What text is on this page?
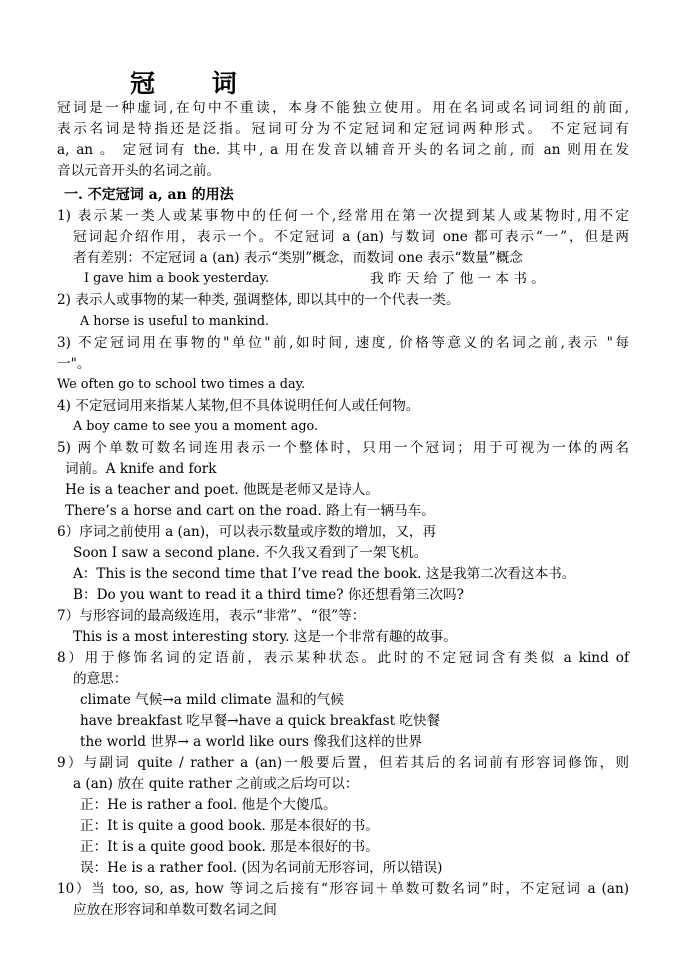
冠 词
冠词是一种虚词,在句中不重读，本身不能独立使用。用在名词或名词词组的前面,
表示名词是特指还是泛指。冠词可分为不定冠词和定冠词两种形式。 不定冠词有
a, an 。 定冠词有 the. 其中, a 用在发音以辅音开头的名词之前, 而 an 则用在发
音以元音开头的名词之前。
一. 不定冠词 a, an 的用法
1) 表示某一类人或某事物中的任何一个,经常用在第一次提到某人或某物时,用不定
冠词起介绍作用，表示一个。不定冠词 a (an) 与数词 one 都可表示“一”，但是两
者有差别：不定冠词 a (an) 表示“类别”概念，而数词 one 表示“数量”概念
I gave him a book yesterday.	我 昨 天 给 了 他 一 本 书 。
2) 表示人或事物的某一种类, 强调整体, 即以其中的一个代表一类。
A horse is useful to mankind.
3) 不定冠词用在事物的"单位"前,如时间, 速度, 价格等意义的名词之前,表示 "每
一"。
We often go to school two times a day.
4) 不定冠词用来指某人某物,但不具体说明任何人或任何物。
A boy came to see you a moment ago.
5) 两个单数可数名词连用表示一个整体时，只用一个冠词；用于可视为一体的两名
词前。A knife and fork
He is a teacher and poet. 他既是老师又是诗人。
There’s a horse and cart on the road. 路上有一辆马车。
6）序词之前使用 a (an)，可以表示数量或序数的增加，又，再
Soon I saw a second plane. 不久我又看到了一架飞机。
A：This is the second time that I’ve read the book. 这是我第二次看这本书。
B：Do you want to read it a third time? 你还想看第三次吗?
7）与形容词的最高级连用，表示“非常”、“很”等：
This is a most interesting story. 这是一个非常有趣的故事。
8）用于修饰名词的定语前，表示某种状态。此时的不定冠词含有类似 a kind of
的意思：
climate 气候→a mild climate 温和的气候
have breakfast 吃早餐→have a quick breakfast 吃快餐
the world 世界→ a world like ours 像我们这样的世界
9）与副词 quite / rather a (an)一般要后置，但若其后的名词前有形容词修饰，则
a (an) 放在 quite rather 之前或之后均可以：
正：He is rather a fool. 他是个大傻瓜。
正：It is quite a good book. 那是本很好的书。
正：It is a quite good book. 那是本很好的书。
误：He is a rather fool. (因为名词前无形容词，所以错误)
10）当 too, so, as, how 等词之后接有“形容词＋单数可数名词”时，不定冠词 a (an)
应放在形容词和单数可数名词之间
